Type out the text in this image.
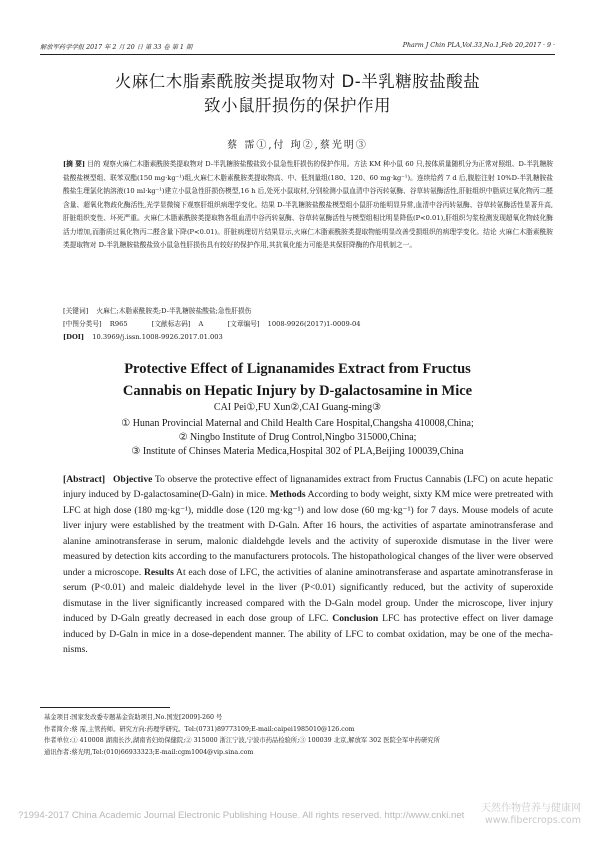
解放军药学学报 2017 年 2 月 20 日 第 33 卷 第 1 期	Pharm J Chin PLA,Vol.33,No.1,Feb 20,2017 · 9 ·
火麻仁木脂素酰胺类提取物对 D-半乳糖胺盐酸盐
致小鼠肝损伤的保护作用
蔡 霈①,付 珣②,蔡光明③
[摘 要] 目的 观察火麻仁木脂素酰胺类提取物对 D-半乳糖胺盐酸盐致小鼠急性肝损伤的保护作用。方法 KM 种小鼠 60 只,按体质量随机分为正常对照组、D-半乳糖胺盐酸盐模型组、联苯双酯(150 mg·kg⁻¹)组,火麻仁木脂素酰胺类提取物高、中、低剂量组(180、120、60 mg·kg⁻¹)。连续给药 7 d 后,腹腔注射 10%D-半乳糖胺盐酸盐生理氯化钠溶液(10 ml·kg⁻¹)建立小鼠急性肝损伤模型,16 h 后,处死小鼠取材,分别检测小鼠血清中谷丙转氨酶、谷草转氨酶活性,肝脏组织中脂质过氧化物丙二醛含量、超氧化物歧化酶活性,光学显微镜下观察肝组织病理学变化。结果 D-半乳糖胺盐酸盐模型组小鼠肝功能明显异常,血清中谷丙转氨酶、谷草转氨酶活性显著升高,肝脏组织变性、坏死严重。火麻仁木脂素酰胺类提取物各组血清中谷丙转氨酶、谷草转氨酶活性与模型组相比明显降低(P<0.01),肝组织匀浆检测发现超氧化物歧化酶活力增加,而脂质过氧化物丙二醛含量下降(P<0.01)。肝脏病理切片结果显示,火麻仁木脂素酰胺类提取物能明显改善受损组织的病理学变化。结论 火麻仁木脂素酰胺类提取物对 D-半乳糖胺盐酸盐致小鼠急性肝损伤具有较好的保护作用,其抗氧化能力可能是其保肝降酶的作用机制之一。
[关键词] 火麻仁;木脂素酰胺类;D-半乳糖胺盐酸盐;急性肝损伤
[中图分类号] R965	[文献标志码] A	[文章编号] 1008-9926(2017)1-0009-04
[DOI] 10.3969/j.issn.1008-9926.2017.01.003
Protective Effect of Lignanamides Extract from Fructus
Cannabis on Hepatic Injury by D-galactosamine in Mice
CAI Pei①,FU Xun②,CAI Guang-ming③
① Hunan Provincial Maternal and Child Health Care Hospital,Changsha 410008,China;
② Ningbo Institute of Drug Control,Ningbo 315000,China;
③ Institute of Chinses Materia Medica,Hospital 302 of PLA,Beijing 100039,China
[Abstract] Objective To observe the protective effect of lignanamides extract from Fructus Cannabis (LFC) on acute hepatic injury induced by D-galactosamine(D-Galn) in mice. Methods According to body weight, sixty KM mice were pretreated with LFC at high dose (180 mg·kg⁻¹), middle dose (120 mg·kg⁻¹) and low dose (60 mg·kg⁻¹) for 7 days. Mouse models of acute liver injury were established by the treatment with D-Galn. After 16 hours, the activities of aspartate aminotransferase and alanine aminotransferase in serum, malonic dialdehgde levels and the activity of superoxide dismutase in the liver were measured by detection kits according to the manufacturers protocols. The histopathological changes of the liver were observed under a microscope. Results At each dose of LFC, the activities of alanine aminotransferase and aspartate aminotransferase in serum (P<0.01) and maleic dialdehyde level in the liver (P<0.01) significantly reduced, but the activity of superoxide dismutase in the liver significantly increased compared with the D-Galn model group. Under the microscope, liver injury induced by D-Galn greatly decreased in each dose group of LFC. Conclusion LFC has protective effect on liver damage induced by D-Galn in mice in a dose-dependent manner. The ability of LFC to combat oxidation, may be one of the mechanisms.
基金项目:国家发改委专题基金资助项目,No.国发[2009]-260 号
作者简介:蔡 霈,主管药师。研究方向:药理学研究。Tel:(0731)89773109;E-mail:caipei1985010@126.com
作者单位:① 410008 湖南长沙,湖南省妇幼保健院;② 315000 浙江宁波,宁波市药品检验所;③ 100039 北京,解放军 302 医院全军中药研究所
通讯作者:蔡光明,Tel:(010)66933323;E-mail:cgm1004@vip.sina.com
?1994-2017 China Academic Journal Electronic Publishing House. All rights reserved. http://www.cnki.net
天然作物营养与健康网
www.fibercrops.com
